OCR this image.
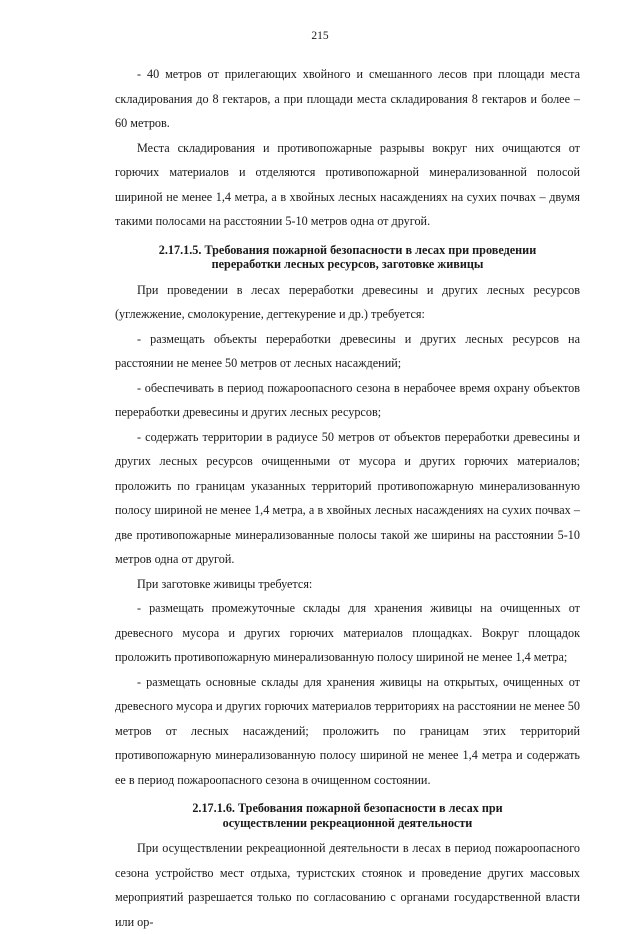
215

- 40 метров от прилегающих хвойного и смешанного лесов при площади места складирования до 8 гектаров, а при площади места складирования 8 гектаров и более – 60 метров.

Места складирования и противопожарные разрывы вокруг них очищаются от горючих материалов и отделяются противопожарной минерализованной полосой шириной не менее 1,4 метра, а в хвойных лесных насаждениях на сухих почвах – двумя такими полосами на расстоянии 5-10 метров одна от другой.

2.17.1.5. Требования пожарной безопасности в лесах при проведении
переработки лесных ресурсов, заготовке живицы

При проведении в лесах переработки древесины и других лесных ресурсов (углежжение, смолокурение, дегтекурение и др.) требуется:

- размещать объекты переработки древесины и других лесных ресурсов на расстоянии не менее 50 метров от лесных насаждений;

- обеспечивать в период пожароопасного сезона в нерабочее время охрану объектов переработки древесины и других лесных ресурсов;

- содержать территории в радиусе 50 метров от объектов переработки древесины и других лесных ресурсов очищенными от мусора и других горючих материалов; проложить по границам указанных территорий противопожарную минерализованную полосу шириной не менее 1,4 метра, а в хвойных лесных насаждениях на сухих почвах – две противопожарные минерализованные полосы такой же ширины на расстоянии 5-10 метров одна от другой.

При заготовке живицы требуется:

- размещать промежуточные склады для хранения живицы на очищенных от древесного мусора и других горючих материалов площадках. Вокруг площадок проложить противопожарную минерализованную полосу шириной не менее 1,4 метра;

- размещать основные склады для хранения живицы на открытых, очищенных от древесного мусора и других горючих материалов территориях на расстоянии не менее 50 метров от лесных насаждений; проложить по границам этих территорий противопожарную минерализованную полосу шириной не менее 1,4 метра и содержать ее в период пожароопасного сезона в очищенном состоянии.

2.17.1.6. Требования пожарной безопасности в лесах при
осуществлении рекреационной деятельности

При осуществлении рекреационной деятельности в лесах в период пожароопасного сезона устройство мест отдыха, туристских стоянок и проведение других массовых мероприятий разрешается только по согласованию с органами государственной власти или ор-
